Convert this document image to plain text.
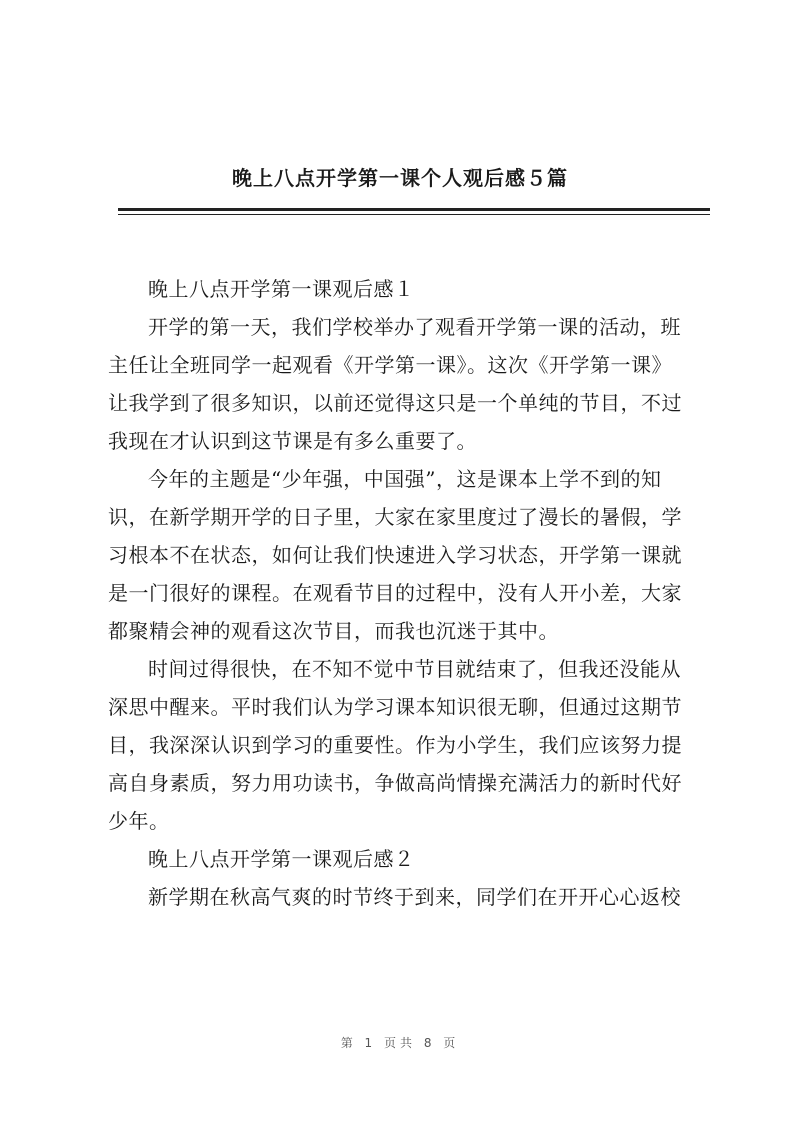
晚上八点开学第一课个人观后感５篇
晚上八点开学第一课观后感１
开学的第一天，我们学校举办了观看开学第一课的活动，班
主任让全班同学一起观看《开学第一课》。这次《开学第一课》
让我学到了很多知识，以前还觉得这只是一个单纯的节目，不过
我现在才认识到这节课是有多么重要了。
今年的主题是“少年强，中国强”，这是课本上学不到的知
识，在新学期开学的日子里，大家在家里度过了漫长的暑假，学
习根本不在状态，如何让我们快速进入学习状态，开学第一课就
是一门很好的课程。在观看节目的过程中，没有人开小差，大家
都聚精会神的观看这次节目，而我也沉迷于其中。
时间过得很快，在不知不觉中节目就结束了，但我还没能从
深思中醒来。平时我们认为学习课本知识很无聊，但通过这期节
目，我深深认识到学习的重要性。作为小学生，我们应该努力提
高自身素质，努力用功读书，争做高尚情操充满活力的新时代好
少年。
晚上八点开学第一课观后感２
新学期在秋高气爽的时节终于到来，同学们在开开心心返校
第 1 页共 8 页
